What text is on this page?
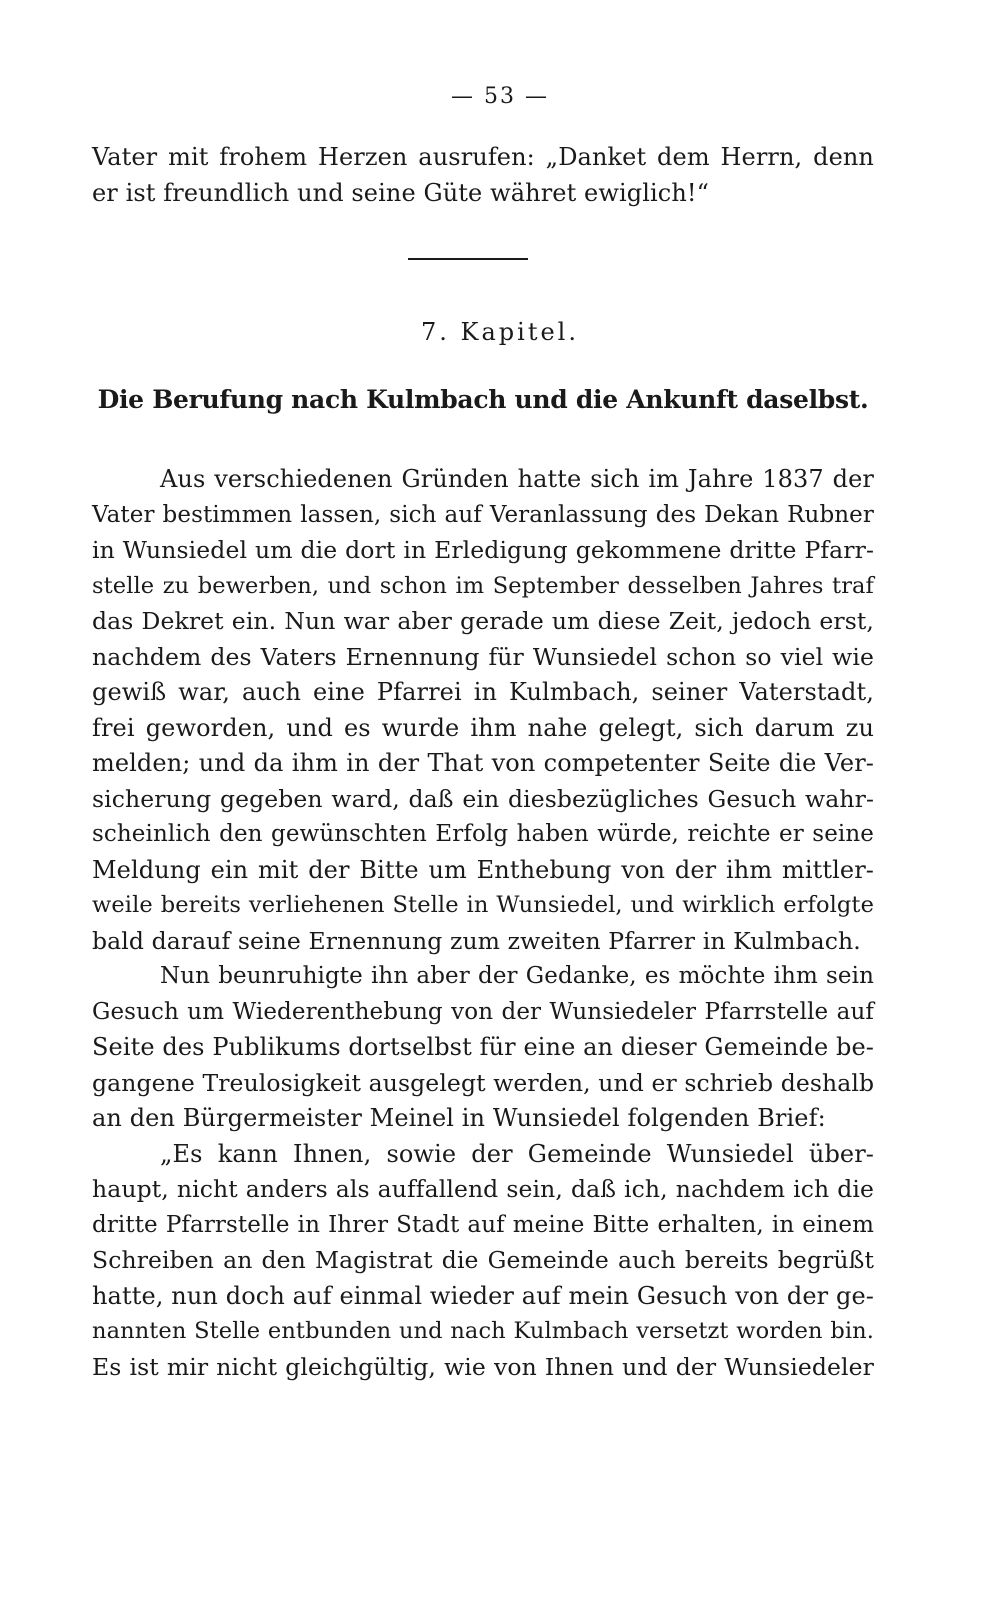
— 53 —
Vater mit frohem Herzen ausrufen: „Danket dem Herrn, denn
er ist freundlich und seine Güte währet ewiglich!“
7. Kapitel.
Die Berufung nach Kulmbach und die Ankunft daselbst.
Aus verschiedenen Gründen hatte sich im Jahre 1837 der
Vater bestimmen lassen, sich auf Veranlassung des Dekan Rubner
in Wunsiedel um die dort in Erledigung gekommene dritte Pfarr-
stelle zu bewerben, und schon im September desselben Jahres traf
das Dekret ein. Nun war aber gerade um diese Zeit, jedoch erst,
nachdem des Vaters Ernennung für Wunsiedel schon so viel wie
gewiß war, auch eine Pfarrei in Kulmbach, seiner Vaterstadt,
frei geworden, und es wurde ihm nahe gelegt, sich darum zu
melden; und da ihm in der That von competenter Seite die Ver-
sicherung gegeben ward, daß ein diesbezügliches Gesuch wahr-
scheinlich den gewünschten Erfolg haben würde, reichte er seine
Meldung ein mit der Bitte um Enthebung von der ihm mittler-
weile bereits verliehenen Stelle in Wunsiedel, und wirklich erfolgte
bald darauf seine Ernennung zum zweiten Pfarrer in Kulmbach.
Nun beunruhigte ihn aber der Gedanke, es möchte ihm sein
Gesuch um Wiederenthebung von der Wunsiedeler Pfarrstelle auf
Seite des Publikums dortselbst für eine an dieser Gemeinde be-
gangene Treulosigkeit ausgelegt werden, und er schrieb deshalb
an den Bürgermeister Meinel in Wunsiedel folgenden Brief:
„Es kann Ihnen, sowie der Gemeinde Wunsiedel über-
haupt, nicht anders als auffallend sein, daß ich, nachdem ich die
dritte Pfarrstelle in Ihrer Stadt auf meine Bitte erhalten, in einem
Schreiben an den Magistrat die Gemeinde auch bereits begrüßt
hatte, nun doch auf einmal wieder auf mein Gesuch von der ge-
nannten Stelle entbunden und nach Kulmbach versetzt worden bin.
Es ist mir nicht gleichgültig, wie von Ihnen und der Wunsiedeler
